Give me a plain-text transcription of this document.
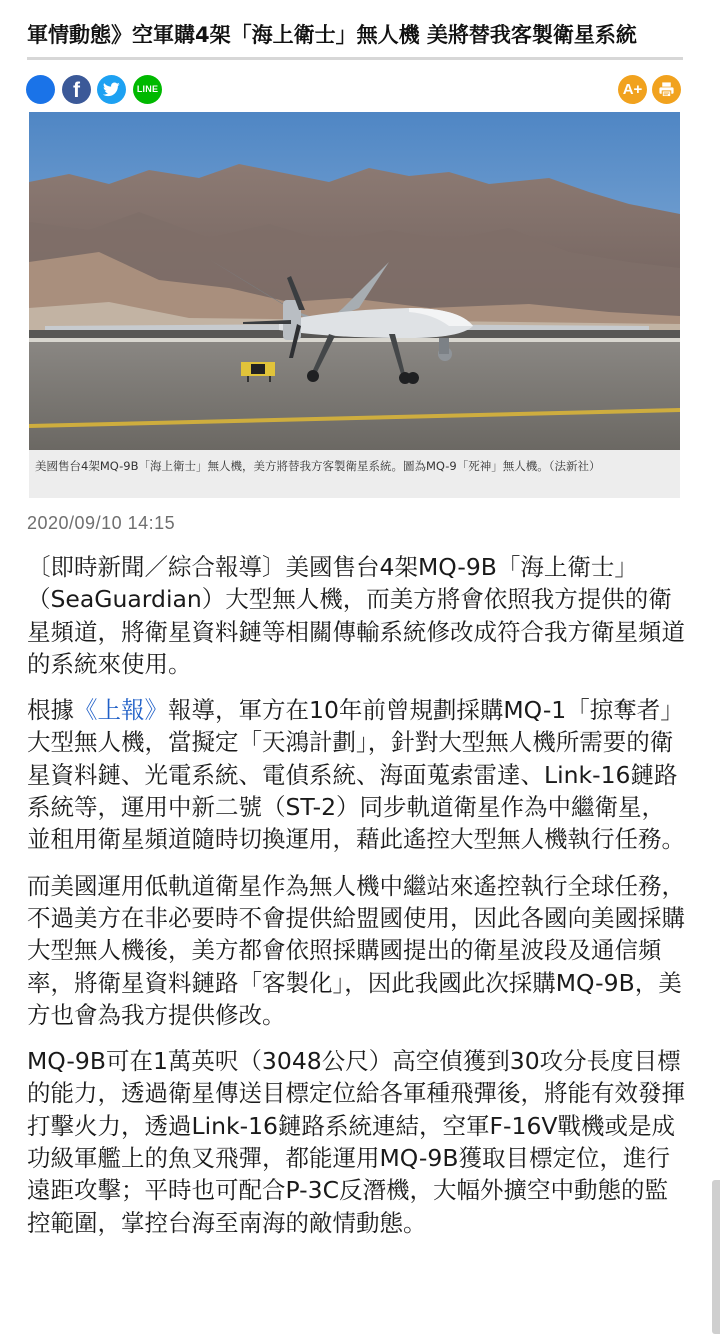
軍情動態》空軍購4架「海上衛士」無人機 美將替我客製衛星系統
f	LINE	A+

美國售台4架MQ-9B「海上衛士」無人機，美方將替我方客製衛星系統。圖為MQ-9「死神」無人機。（法新社）

2020/09/10 14:15

〔即時新聞／綜合報導〕美國售台4架MQ-9B「海上衛士」（SeaGuardian）大型無人機，而美方將會依照我方提供的衛星頻道，將衛星資料鏈等相關傳輸系統修改成符合我方衛星頻道的系統來使用。

根據《上報》報導，軍方在10年前曾規劃採購MQ-1「掠奪者」大型無人機，當擬定「天鴻計劃」，針對大型無人機所需要的衛星資料鏈、光電系統、電偵系統、海面蒐索雷達、Link-16鏈路系統等，運用中新二號（ST-2）同步軌道衛星作為中繼衛星，並租用衛星頻道隨時切換運用，藉此遙控大型無人機執行任務。

而美國運用低軌道衛星作為無人機中繼站來遙控執行全球任務，不過美方在非必要時不會提供給盟國使用，因此各國向美國採購大型無人機後，美方都會依照採購國提出的衛星波段及通信頻率，將衛星資料鏈路「客製化」，因此我國此次採購MQ-9B，美方也會為我方提供修改。

MQ-9B可在1萬英呎（3048公尺）高空偵獲到30攻分長度目標的能力，透過衛星傳送目標定位給各軍種飛彈後，將能有效發揮打擊火力，透過Link-16鏈路系統連結，空軍F-16V戰機或是成功級軍艦上的魚叉飛彈，都能運用MQ-9B獲取目標定位，進行遠距攻擊；平時也可配合P-3C反潛機，大幅外擴空中動態的監控範圍，掌控台海至南海的敵情動態。
